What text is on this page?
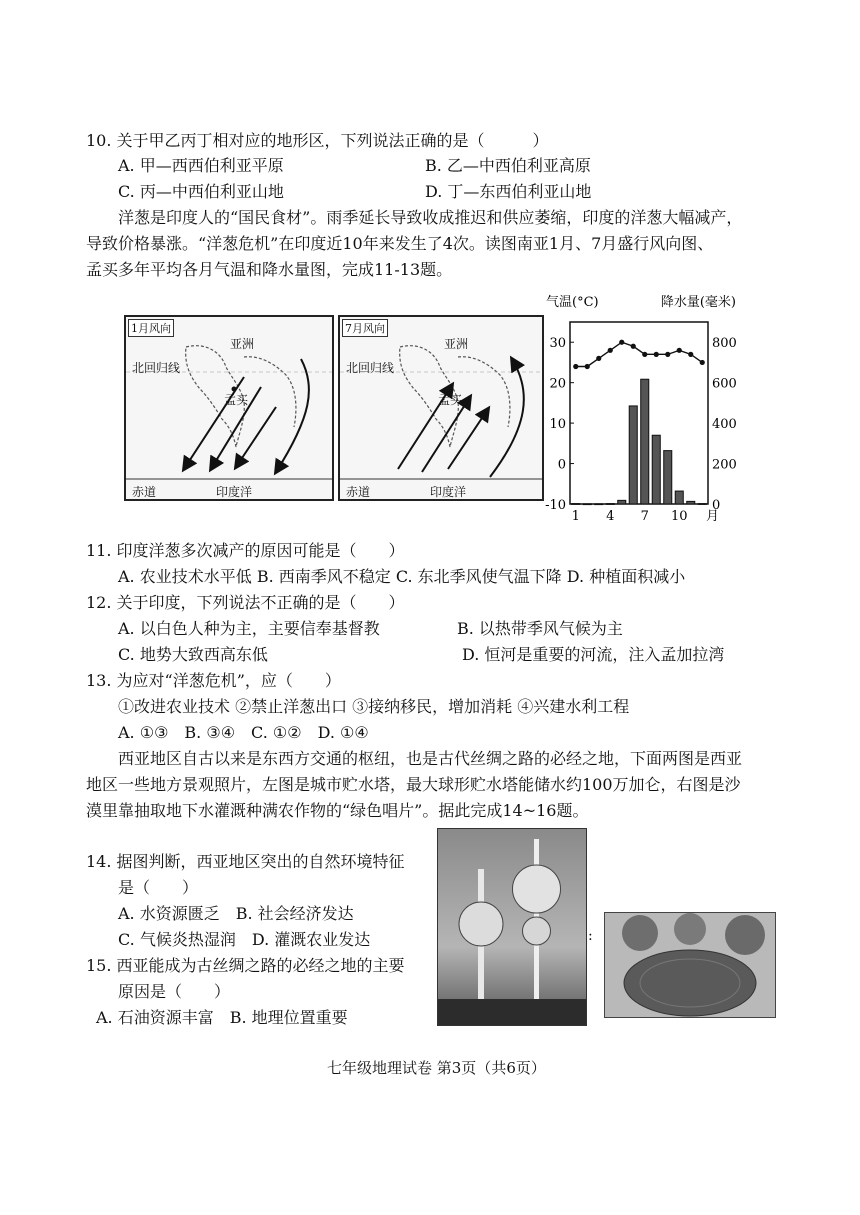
10. 关于甲乙丙丁相对应的地形区，下列说法正确的是（　　　）
A. 甲—西西伯利亚平原	B. 乙—中西伯利亚高原
C. 丙—中西伯利亚山地	D. 丁—东西伯利亚山地
洋葱是印度人的“国民食材”。雨季延长导致收成推迟和供应萎缩，印度的洋葱大幅减产，
导致价格暴涨。“洋葱危机”在印度近10年来发生了4次。读图南亚1月、7月盛行风向图、
孟买多年平均各月气温和降水量图，完成11-13题。
1月风向
亚洲
北回归线
孟买
赤道	印度洋
7月风向
亚洲
北回归线
孟买
赤道	印度洋
气温(°C)	降水量(毫米)
-10
0
10
20
30
0
200
400
600
800
1 4 7 10 月
11. 印度洋葱多次减产的原因可能是（　　）
A. 农业技术水平低 B. 西南季风不稳定 C. 东北季风使气温下降 D. 种植面积减小
12. 关于印度，下列说法不正确的是（　　）
A. 以白色人种为主，主要信奉基督教	B. 以热带季风气候为主
C. 地势大致西高东低	D. 恒河是重要的河流，注入孟加拉湾
13. 为应对“洋葱危机”，应（　　）
①改进农业技术 ②禁止洋葱出口 ③接纳移民，增加消耗 ④兴建水利工程
A. ①③　B. ③④　C. ①②　D. ①④
西亚地区自古以来是东西方交通的枢纽，也是古代丝绸之路的必经之地，下面两图是西亚
地区一些地方景观照片，左图是城市贮水塔，最大球形贮水塔能储水约100万加仑，右图是沙
漠里靠抽取地下水灌溉种满农作物的“绿色唱片”。据此完成14~16题。
14. 据图判断，西亚地区突出的自然环境特征
是（　　）
A. 水资源匮乏　B. 社会经济发达
C. 气候炎热湿润　D. 灌溉农业发达
15. 西亚能成为古丝绸之路的必经之地的主要
原因是（　　）
A. 石油资源丰富　B. 地理位置重要
:
七年级地理试卷 第3页（共6页）
